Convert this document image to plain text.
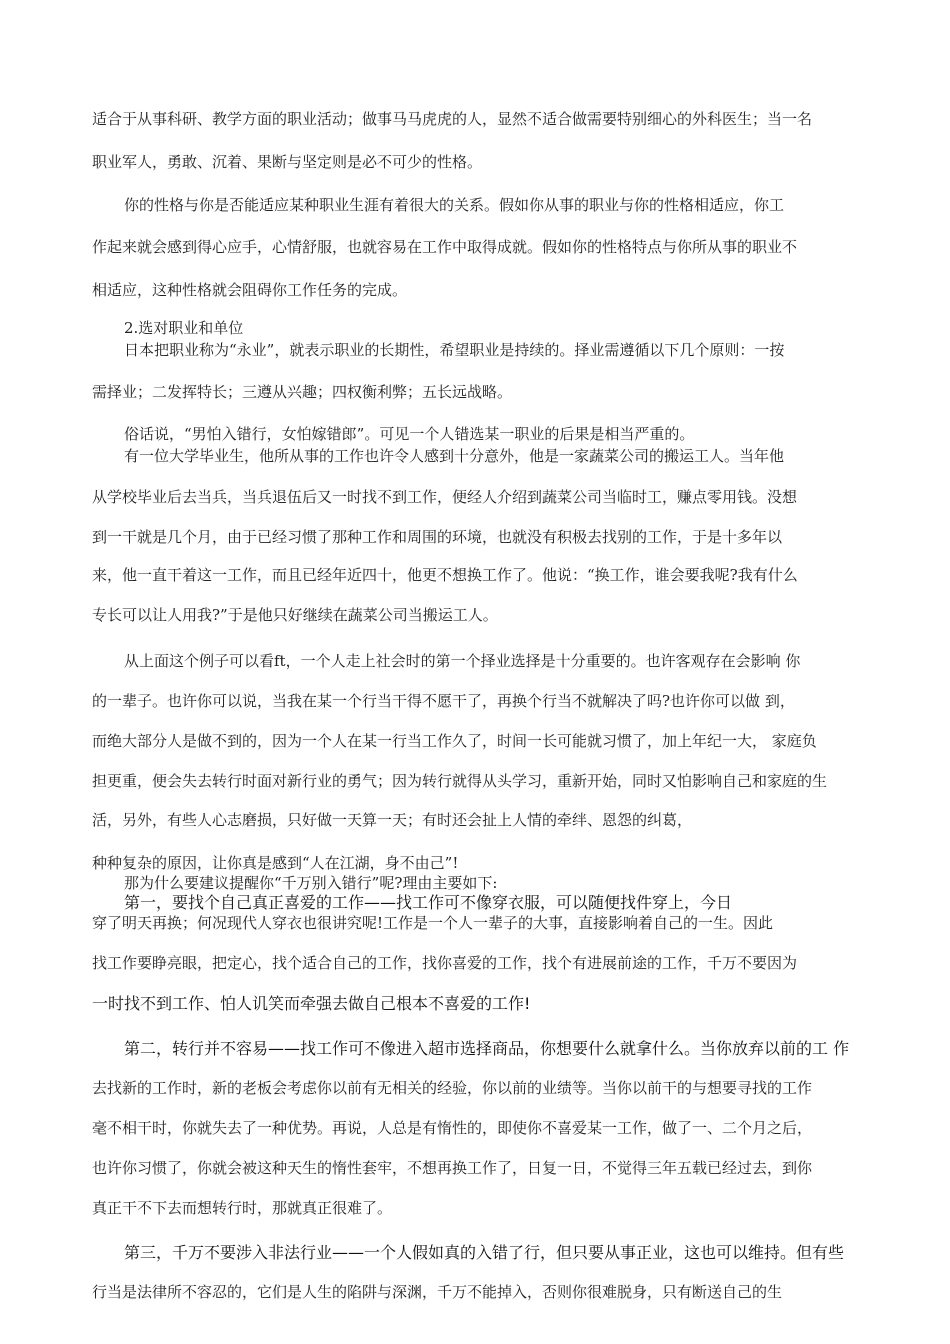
适合于从事科研、教学方面的职业活动；做事马马虎虎的人，显然不适合做需要特别细心的外科医生；当一名

职业军人，勇敢、沉着、果断与坚定则是必不可少的性格。

你的性格与你是否能适应某种职业生涯有着很大的关系。假如你从事的职业与你的性格相适应，你工

作起来就会感到得心应手，心情舒服，也就容易在工作中取得成就。假如你的性格特点与你所从事的职业不

相适应，这种性格就会阻碍你工作任务的完成。

2.选对职业和单位

日本把职业称为“永业”，就表示职业的长期性，希望职业是持续的。择业需遵循以下几个原则：一按

需择业；二发挥特长；三遵从兴趣；四权衡利弊；五长远战略。

俗话说，“男怕入错行，女怕嫁错郎”。可见一个人错选某一职业的后果是相当严重的。

有一位大学毕业生，他所从事的工作也许令人感到十分意外，他是一家蔬菜公司的搬运工人。当年他

从学校毕业后去当兵，当兵退伍后又一时找不到工作，便经人介绍到蔬菜公司当临时工，赚点零用钱。没想

到一干就是几个月，由于已经习惯了那种工作和周围的环境，也就没有积极去找别的工作，于是十多年以

来，他一直干着这一工作，而且已经年近四十，他更不想换工作了。他说：“换工作，谁会要我呢?我有什么

专长可以让人用我?”于是他只好继续在蔬菜公司当搬运工人。

从上面这个例子可以看ft，一个人走上社会时的第一个择业选择是十分重要的。也许客观存在会影响 你

的一辈子。也许你可以说，当我在某一个行当干得不愿干了，再换个行当不就解决了吗?也许你可以做 到，

而绝大部分人是做不到的，因为一个人在某一行当工作久了，时间一长可能就习惯了，加上年纪一大， 家庭负

担更重，便会失去转行时面对新行业的勇气；因为转行就得从头学习，重新开始，同时又怕影响自己和家庭的生

活，另外，有些人心志磨损，只好做一天算一天；有时还会扯上人情的牵绊、恩怨的纠葛，

种种复杂的原因，让你真是感到“人在江湖，身不由己”!

那为什么要建议提醒你“千万别入错行”呢?理由主要如下:

第一，要找个自己真正喜爱的工作——找工作可不像穿衣服，可以随便找件穿上，今日

穿了明天再换；何况现代人穿衣也很讲究呢!工作是一个人一辈子的大事，直接影响着自己的一生。因此

找工作要睁亮眼，把定心，找个适合自己的工作，找你喜爱的工作，找个有进展前途的工作，千万不要因为

一时找不到工作、怕人讥笑而牵强去做自己根本不喜爱的工作!

第二，转行并不容易——找工作可不像进入超市选择商品，你想要什么就拿什么。当你放弃以前的工 作

去找新的工作时，新的老板会考虑你以前有无相关的经验，你以前的业绩等。当你以前干的与想要寻找的工作

毫不相干时，你就失去了一种优势。再说，人总是有惰性的，即使你不喜爱某一工作，做了一、二个月之后，

也许你习惯了，你就会被这种天生的惰性套牢，不想再换工作了，日复一日，不觉得三年五载已经过去，到你

真正干不下去而想转行时，那就真正很难了。

第三，千万不要涉入非法行业——一个人假如真的入错了行，但只要从事正业，这也可以维持。但有些

行当是法律所不容忍的，它们是人生的陷阱与深渊，千万不能掉入，否则你很难脱身，只有断送自己的生
